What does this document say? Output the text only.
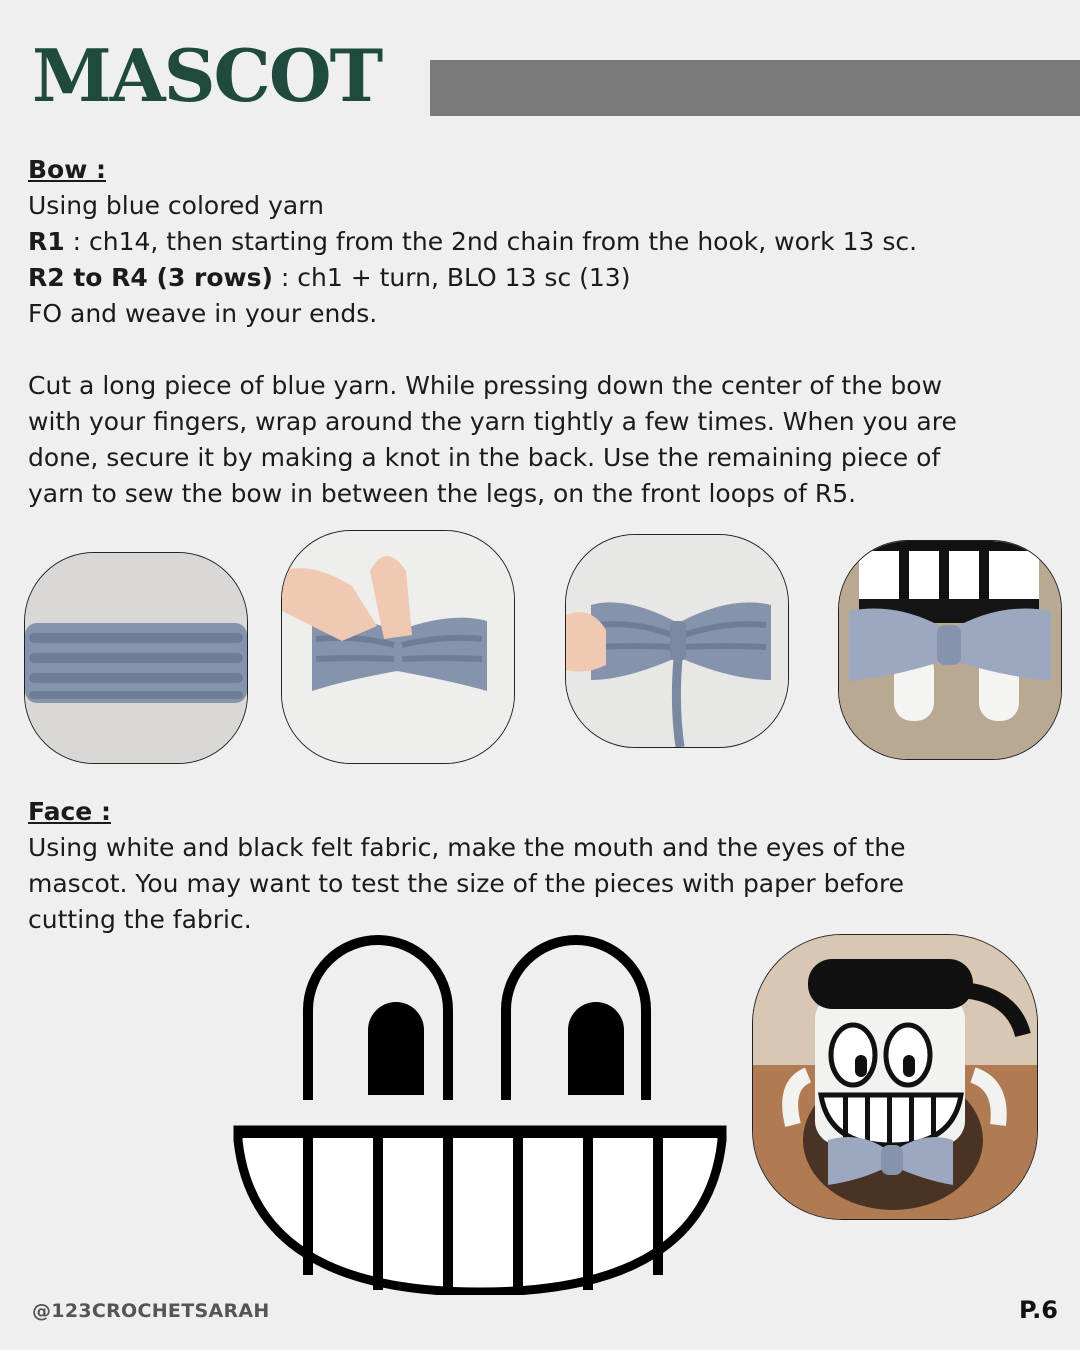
MASCOT
Bow :
Using blue colored yarn
R1 : ch14, then starting from the 2nd chain from the hook, work 13 sc.
R2 to R4 (3 rows) : ch1 + turn, BLO 13 sc (13)
FO and weave in your ends.
Cut a long piece of blue yarn. While pressing down the center of the bow
with your fingers, wrap around the yarn tightly a few times. When you are
done, secure it by making a knot in the back. Use the remaining piece of
yarn to sew the bow in between the legs, on the front loops of R5.
Face :
Using white and black felt fabric, make the mouth and the eyes of the
mascot. You may want to test the size of the pieces with paper before
cutting the fabric.
@123CROCHETSARAH	P.6
